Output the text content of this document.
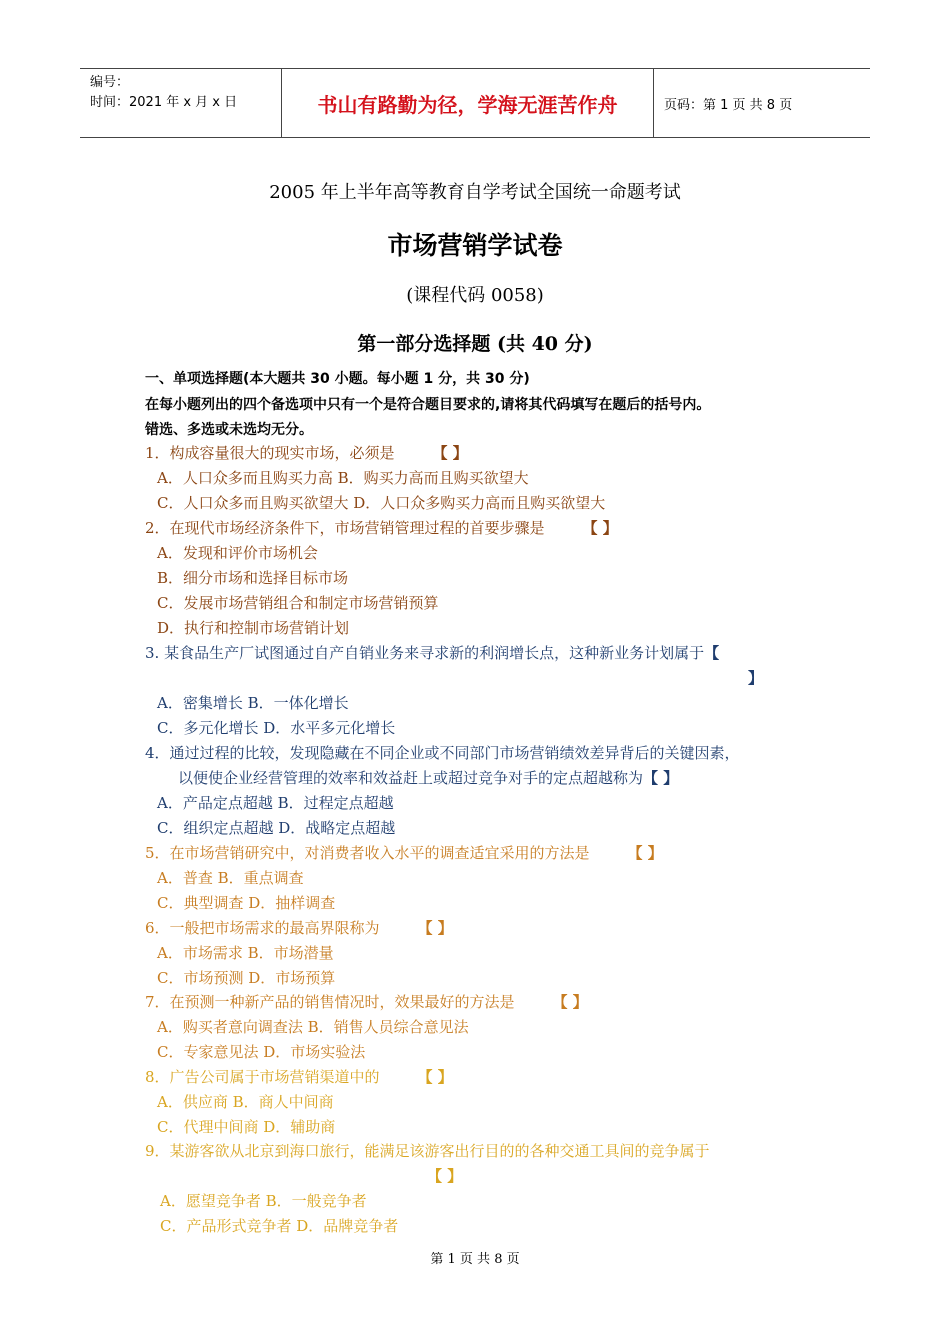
编号：
时间：2021 年 x 月 x 日	书山有路勤为径，学海无涯苦作舟	页码：第 1 页 共 8 页
2005 年上半年高等教育自学考试全国统一命题考试
市场营销学试卷
(课程代码 0058)
第一部分选择题 (共 40 分)
一、单项选择题(本大题共 30 小题。每小题 1 分，共 30 分)
在每小题列出的四个备选项中只有一个是符合题目要求的,请将其代码填写在题后的括号内。
错选、多选或未选均无分。
1．构成容量很大的现实市场，必须是	【 】
A．人口众多而且购买力高 B．购买力高而且购买欲望大
C．人口众多而且购买欲望大 D．人口众多购买力高而且购买欲望大
2．在现代市场经济条件下，市场营销管理过程的首要步骤是	【 】
A．发现和评价市场机会
B．细分市场和选择目标市场
C．发展市场营销组合和制定市场营销预算
D．执行和控制市场营销计划
3. 某食品生产厂试图通过自产自销业务来寻求新的利润增长点，这种新业务计划属于【
】
A．密集增长 B．一体化增长
C．多元化增长 D．水平多元化增长
4．通过过程的比较，发现隐藏在不同企业或不同部门市场营销绩效差异背后的关键因素，
以便使企业经营管理的效率和效益赶上或超过竞争对手的定点超越称为【 】
A．产品定点超越 B．过程定点超越
C．组织定点超越 D．战略定点超越
5．在市场营销研究中，对消费者收入水平的调查适宜采用的方法是	【 】
A．普查 B．重点调查
C．典型调查 D．抽样调查
6．一般把市场需求的最高界限称为	【 】
A．市场需求 B．市场潜量
C．市场预测 D．市场预算
7．在预测一种新产品的销售情况时，效果最好的方法是	【 】
A．购买者意向调查法 B．销售人员综合意见法
C．专家意见法 D．市场实验法
8．广告公司属于市场营销渠道中的	【 】
A．供应商 B．商人中间商
C．代理中间商 D．辅助商
9．某游客欲从北京到海口旅行，能满足该游客出行目的的各种交通工具间的竞争属于
【 】
A．愿望竞争者 B．一般竞争者
C．产品形式竞争者 D．品牌竞争者
第 1 页 共 8 页
